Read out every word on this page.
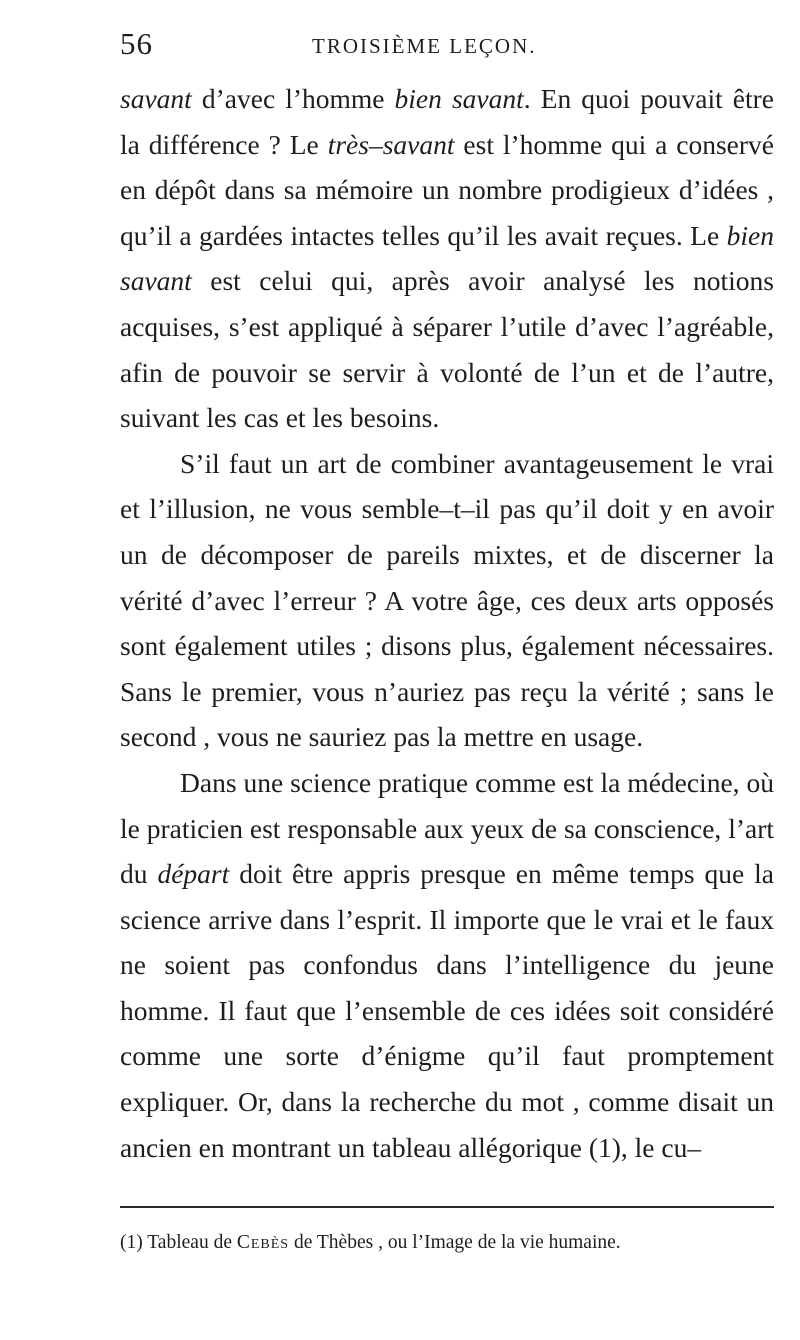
56	TROISIÈME LEÇON.

savant d’avec l’homme bien savant. En quoi pouvait être la différence ? Le très–savant est l’homme qui a conservé en dépôt dans sa mémoire un nombre prodigieux d’idées , qu’il a gardées intactes telles qu’il les avait reçues. Le bien savant est celui qui, après avoir analysé les notions acquises, s’est appliqué à séparer l’utile d’avec l’agréable, afin de pouvoir se servir à volonté de l’un et de l’autre, suivant les cas et les besoins.

S’il faut un art de combiner avantageusement le vrai et l’illusion, ne vous semble–t–il pas qu’il doit y en avoir un de décomposer de pareils mixtes, et de discerner la vérité d’avec l’erreur ? A votre âge, ces deux arts opposés sont également utiles ; disons plus, également nécessaires. Sans le premier, vous n’auriez pas reçu la vérité ; sans le second , vous ne sauriez pas la mettre en usage.

Dans une science pratique comme est la médecine, où le praticien est responsable aux yeux de sa conscience, l’art du départ doit être appris presque en même temps que la science arrive dans l’esprit. Il importe que le vrai et le faux ne soient pas confondus dans l’intelligence du jeune homme. Il faut que l’ensemble de ces idées soit considéré comme une sorte d’énigme qu’il faut promptement expliquer. Or, dans la recherche du mot , comme disait un ancien en montrant un tableau allégorique (1), le cu–

(1) Tableau de Cebès de Thèbes , ou l’Image de la vie humaine.
